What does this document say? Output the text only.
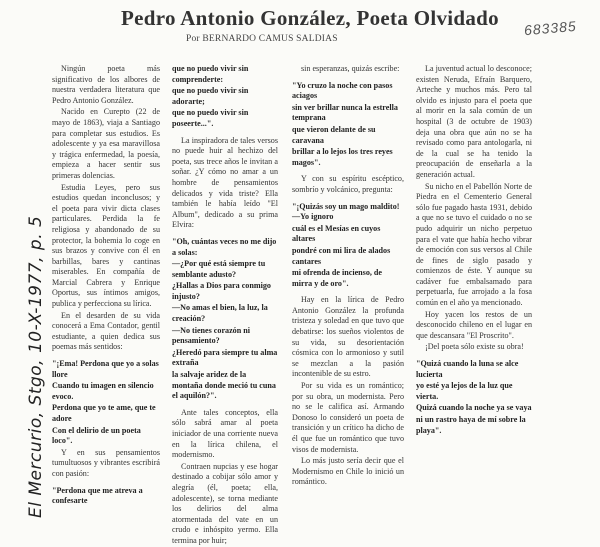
Pedro Antonio González, Poeta Olvidado
Por BERNARDO CAMUS SALDIAS
683385
El Mercurio, Stgo, 10-X-1977, p. 5

Ningún poeta más significativo de los albores de nuestra verdadera literatura que Pedro Antonio González.

Nacido en Curepto (22 de mayo de 1863), viaja a Santiago para completar sus estudios. Es adolescente y ya esa maravillosa y trágica enfermedad, la poesía, empieza a hacer sentir sus primeras dolencias.

Estudia Leyes, pero sus estudios quedan inconclusos; y el poeta para vivir dicta clases particulares. Perdida la fe religiosa y abandonado de su protector, la bohemia lo coge en sus brazos y convive con él en barbillas, bares y cantinas miserables. En compañía de Marcial Cabrera y Enrique Oportus, sus íntimos amigos, publica y perfecciona su lírica.

En el desarden de su vida conocerá a Ema Contador, gentil estudiante, a quien dedica sus poemas más sentidos:

"¡Ema! Perdona que yo a solas llore

Cuando tu imagen en silencio evoco.

Perdona que yo te ame, que te adore

Con el delirio de un poeta loco".

Y en sus pensamientos tumultuosos y vibrantes escribirá con pasión:

"Perdona que me atreva a confesarte

que no puedo vivir sin comprenderte:

que no puedo vivir sin adorarte;

que no puedo vivir sin poseerte...".

La inspiradora de tales versos no puede huir al hechizo del poeta, sus trece años le invitan a soñar. ¿Y cómo no amar a un hombre de pensamientos delicados y vida triste? Ella también le había leído "El Album", dedicado a su prima Elvira:

"Oh, cuántas veces no me dijo a solas:

—¿Por qué está siempre tu semblante adusto?

¿Hallas a Dios para conmigo injusto?

—No amas el bien, la luz, la creación?

—No tienes corazón ni pensamiento?

¿Heredó para siempre tu alma extraña

la salvaje aridez de la montaña donde meció tu cuna el aquilón?".

Ante tales conceptos, ella sólo sabrá amar al poeta iniciador de una corriente nueva en la lírica chilena, el modernismo.

Contraen nupcias y ese hogar destinado a cobijar sólo amor y alegría (él, poeta; ella, adolescente), se torna mediante los delirios del alma atormentada del vate en un crudo e inhóspito yermo. Ella termina por huir;

sin esperanzas, quizás escribe:

"Yo cruzo la noche con pasos aciagos

sin ver brillar nunca la estrella temprana

que vieron delante de su caravana

brillar a lo lejos los tres reyes magos".

Y con su espíritu escéptico, sombrío y volcánico, pregunta:

"¡Quizás soy un mago maldito! —Yo ignoro

cuál es el Mesías en cuyos altares

pondré con mi lira de alados cantares

mi ofrenda de incienso, de mirra y de oro".

Hay en la lírica de Pedro Antonio González la profunda tristeza y soledad en que tuvo que debatirse: los sueños violentos de su vida, su desorientación cósmica con lo armonioso y sutil se mezclan a la pasión incontenible de su estro.

Por su vida es un romántico; por su obra, un modernista. Pero no se le califica así. Armando Donoso lo consideró un poeta de transición y un crítico ha dicho de él que fue un romántico que tuvo visos de modernista.

Lo más justo sería decir que el Modernismo en Chile lo inició un romántico.

La juventud actual lo desconoce; existen Neruda, Efraín Barquero, Arteche y muchos más. Pero tal olvido es injusto para el poeta que al morir en la sala común de un hospital (3 de octubre de 1903) deja una obra que aún no se ha revisado como para antologarla, ni de la cual se ha tenido la preocupación de enseñarla a la generación actual.

Su nicho en el Pabellón Norte de Piedra en el Cementerio General sólo fue pagado hasta 1931, debido a que no se tuvo el cuidado o no se pudo adquirir un nicho perpetuo para el vate que había hecho vibrar de emoción con sus versos al Chile de fines de siglo pasado y comienzos de éste. Y aunque su cadáver fue embalsamado para perpetuarla, fue arrojado a la fosa común en el año ya mencionado.

Hoy yacen los restos de un desconocido chileno en el lugar en que descansara "El Proscrito".

¡Del poeta sólo existe su obra!

"Quizá cuando la luna se alce lucierta

yo esté ya lejos de la luz que vierta.

Quizá cuando la noche ya se vaya

ni un rastro haya de mí sobre la playa".
